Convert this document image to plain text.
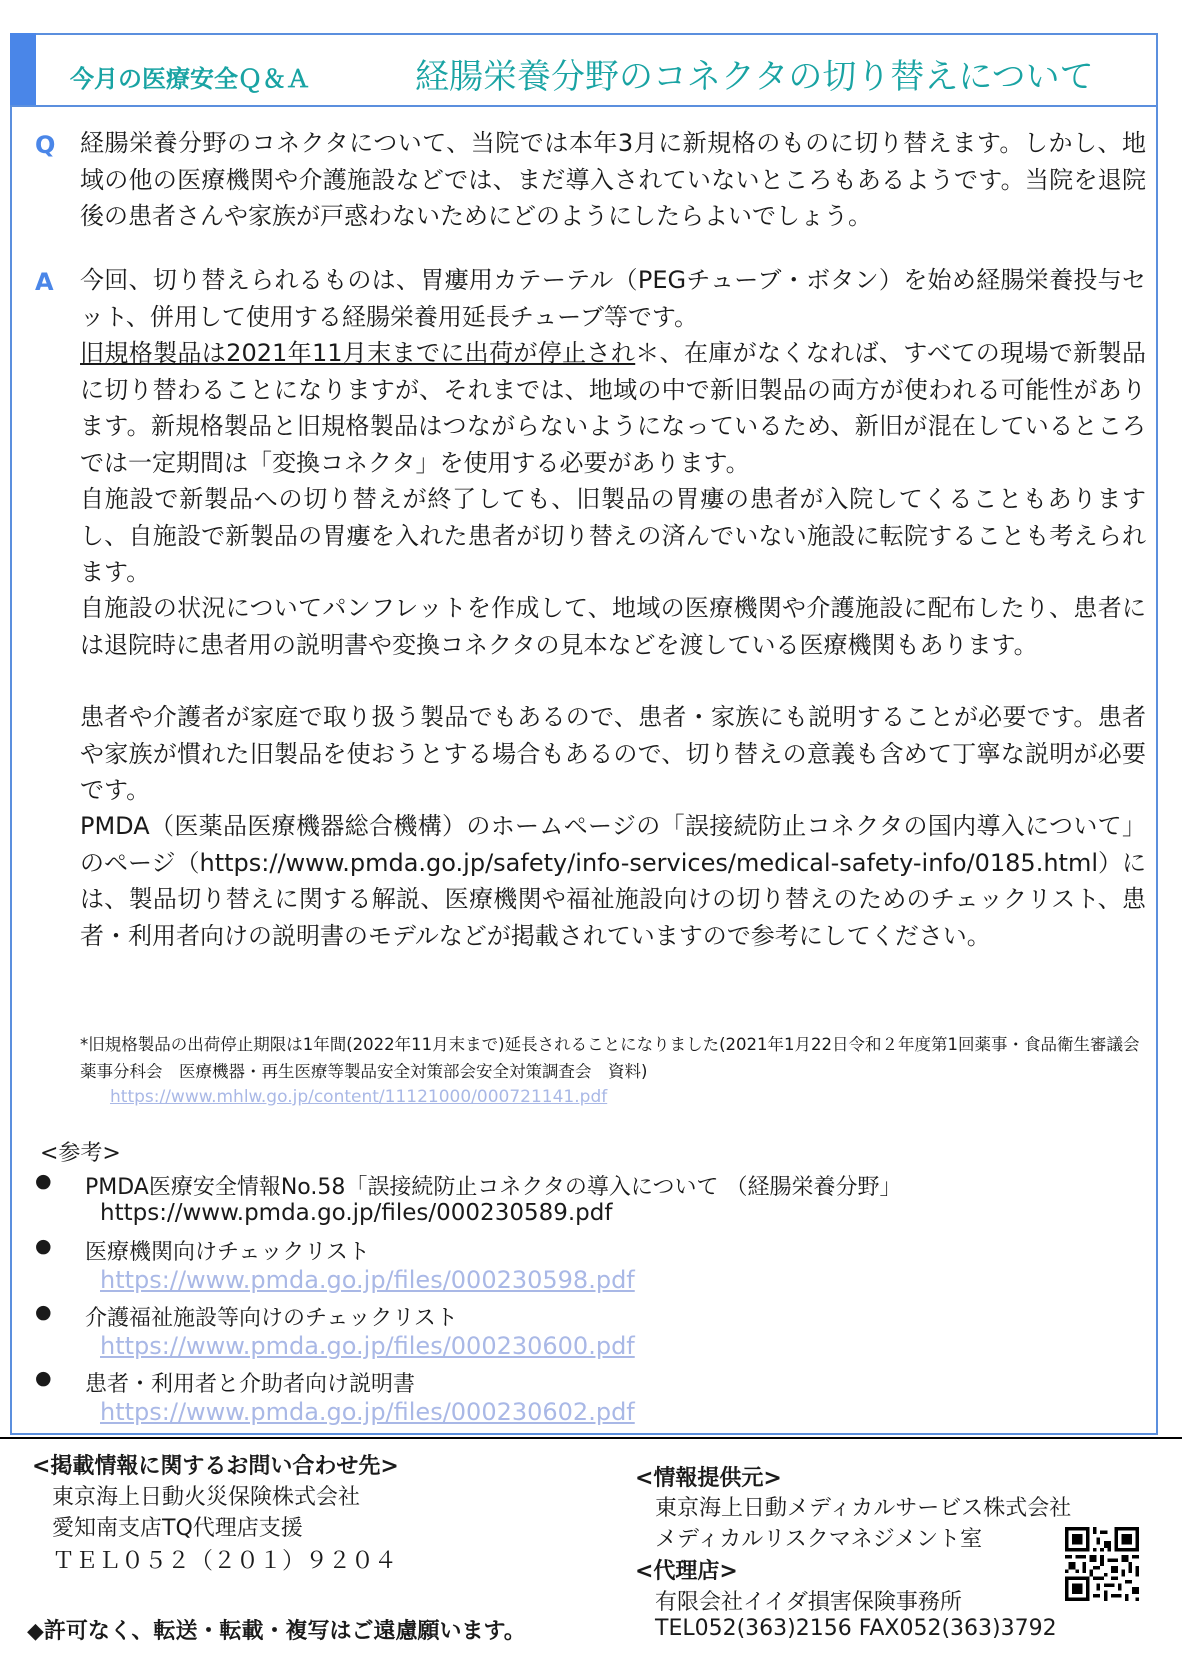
今月の医療安全Ｑ＆Ａ	経腸栄養分野のコネクタの切り替えについて
Q 経腸栄養分野のコネクタについて、当院では本年3月に新規格のものに切り替えます。しかし、地域の他の医療機関や介護施設などでは、まだ導入されていないところもあるようです。当院を退院後の患者さんや家族が戸惑わないためにどのようにしたらよいでしょう。

A 今回、切り替えられるものは、胃瘻用カテーテル（PEGチューブ・ボタン）を始め経腸栄養投与セット、併用して使用する経腸栄養用延長チューブ等です。

旧規格製品は2021年11月末までに出荷が停止され＊、在庫がなくなれば、すべての現場で新製品に切り替わることになりますが、それまでは、地域の中で新旧製品の両方が使われる可能性があります。新規格製品と旧規格製品はつながらないようになっているため、新旧が混在しているところでは一定期間は「変換コネクタ」を使用する必要があります。

自施設で新製品への切り替えが終了しても、旧製品の胃瘻の患者が入院してくることもありますし、自施設で新製品の胃瘻を入れた患者が切り替えの済んでいない施設に転院することも考えられます。

自施設の状況についてパンフレットを作成して、地域の医療機関や介護施設に配布したり、患者には退院時に患者用の説明書や変換コネクタの見本などを渡している医療機関もあります。

患者や介護者が家庭で取り扱う製品でもあるので、患者・家族にも説明することが必要です。患者や家族が慣れた旧製品を使おうとする場合もあるので、切り替えの意義も含めて丁寧な説明が必要です。

PMDA（医薬品医療機器総合機構）のホームページの「誤接続防止コネクタの国内導入について」のページ（https://www.pmda.go.jp/safety/info-services/medical-safety-info/0185.html）には、製品切り替えに関する解説、医療機関や福祉施設向けの切り替えのためのチェックリスト、患者・利用者向けの説明書のモデルなどが掲載されていますので参考にしてください。

*旧規格製品の出荷停止期限は1年間(2022年11月末まで)延長されることになりました(2021年1月22日令和２年度第1回薬事・食品衛生審議会薬事分科会　医療機器・再生医療等製品安全対策部会安全対策調査会　資料)

https://www.mhlw.go.jp/content/11121000/000721141.pdf
<参考>
● PMDA医療安全情報No.58「誤接続防止コネクタの導入について （経腸栄養分野」
https://www.pmda.go.jp/files/000230589.pdf
● 医療機関向けチェックリスト
https://www.pmda.go.jp/files/000230598.pdf
● 介護福祉施設等向けのチェックリスト
https://www.pmda.go.jp/files/000230600.pdf
● 患者・利用者と介助者向け説明書
https://www.pmda.go.jp/files/000230602.pdf
<掲載情報に関するお問い合わせ先>
東京海上日動火災保険株式会社
愛知南支店TQ代理店支援
ＴＥＬ０５２（２０１）９２０４
◆許可なく、転送・転載・複写はご遠慮願います。
<情報提供元>
東京海上日動メディカルサービス株式会社
メディカルリスクマネジメント室
<代理店>
有限会社イイダ損害保険事務所
TEL052(363)2156 FAX052(363)3792
